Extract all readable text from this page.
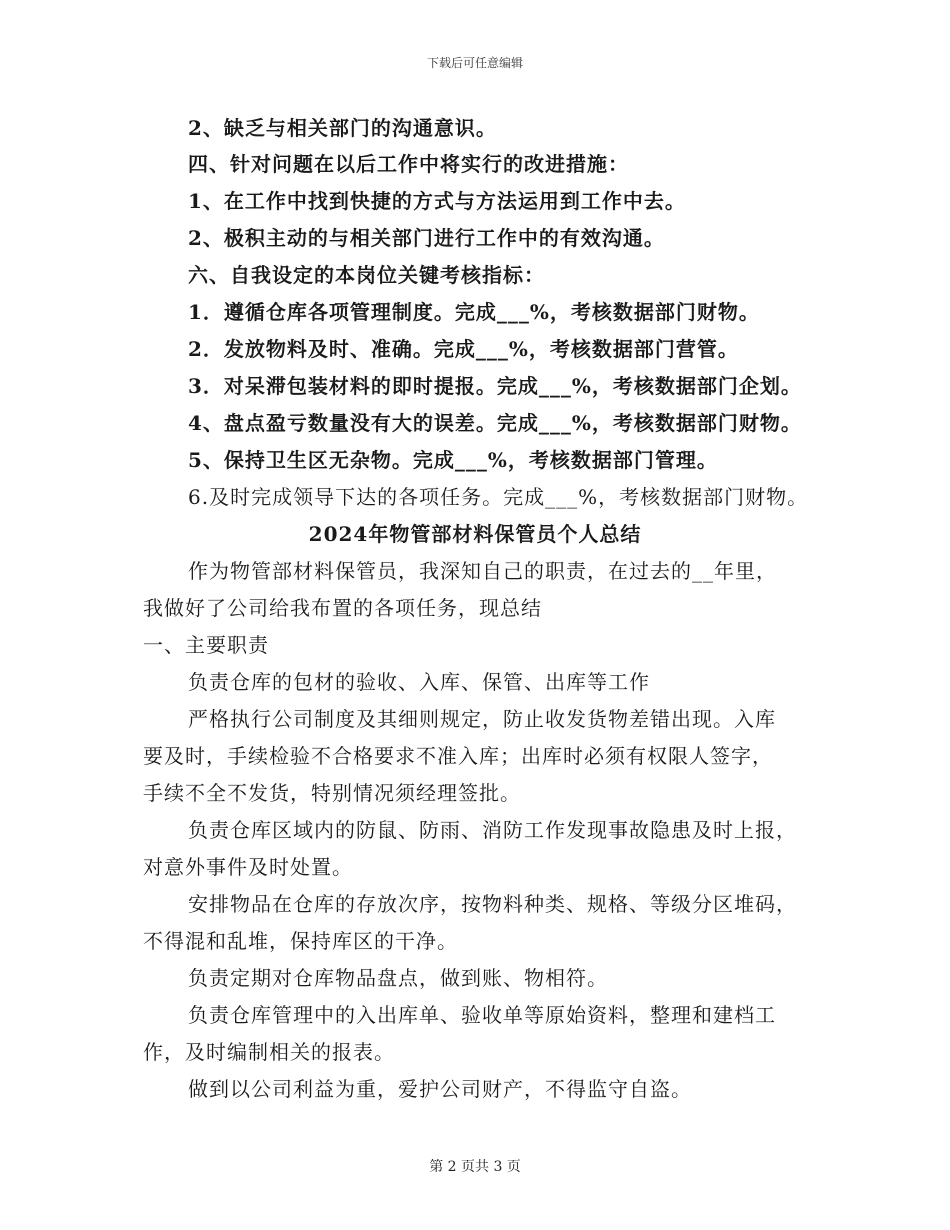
下载后可任意编辑
2、缺乏与相关部门的沟通意识。
四、针对问题在以后工作中将实行的改进措施：
1、在工作中找到快捷的方式与方法运用到工作中去。
2、极积主动的与相关部门进行工作中的有效沟通。
六、自我设定的本岗位关键考核指标：
1．遵循仓库各项管理制度。完成___%，考核数据部门财物。
2．发放物料及时、准确。完成___%，考核数据部门营管。
3．对呆滞包装材料的即时提报。完成___%，考核数据部门企划。
4、盘点盈亏数量没有大的误差。完成___%，考核数据部门财物。
5、保持卫生区无杂物。完成___%，考核数据部门管理。
6.及时完成领导下达的各项任务。完成___%，考核数据部门财物。
2024年物管部材料保管员个人总结
作为物管部材料保管员，我深知自己的职责，在过去的__年里，
我做好了公司给我布置的各项任务，现总结
一、主要职责
负责仓库的包材的验收、入库、保管、出库等工作
严格执行公司制度及其细则规定，防止收发货物差错出现。入库
要及时，手续检验不合格要求不准入库；出库时必须有权限人签字，
手续不全不发货，特别情况须经理签批。
负责仓库区域内的防鼠、防雨、消防工作发现事故隐患及时上报，
对意外事件及时处置。
安排物品在仓库的存放次序，按物料种类、规格、等级分区堆码，
不得混和乱堆，保持库区的干净。
负责定期对仓库物品盘点，做到账、物相符。
负责仓库管理中的入出库单、验收单等原始资料，整理和建档工
作，及时编制相关的报表。
做到以公司利益为重，爱护公司财产，不得监守自盗。
第 2 页共 3 页
